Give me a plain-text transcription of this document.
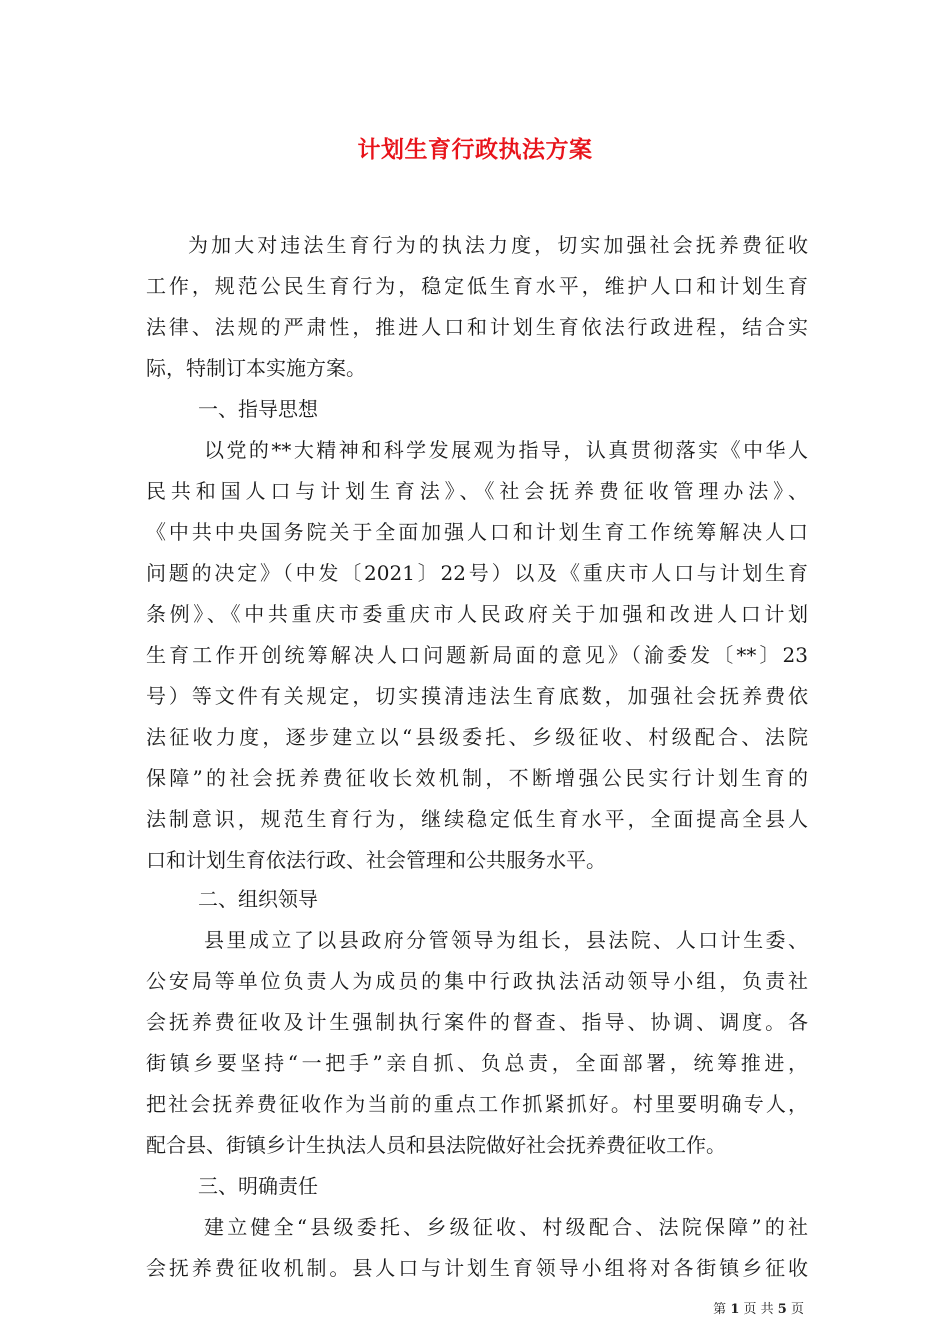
计划生育行政执法方案
为加大对违法生育行为的执法力度，切实加强社会抚养费征收
工作，规范公民生育行为，稳定低生育水平，维护人口和计划生育
法律、法规的严肃性，推进人口和计划生育依法行政进程，结合实
际，特制订本实施方案。
一、指导思想
以党的**大精神和科学发展观为指导，认真贯彻落实《中华人
民共和国人口与计划生育法》、《社会抚养费征收管理办法》、
《中共中央国务院关于全面加强人口和计划生育工作统筹解决人口
问题的决定》（中发〔2021〕22号）以及《重庆市人口与计划生育
条例》、《中共重庆市委重庆市人民政府关于加强和改进人口计划
生育工作开创统筹解决人口问题新局面的意见》（渝委发〔**〕23
号）等文件有关规定，切实摸清违法生育底数，加强社会抚养费依
法征收力度，逐步建立以“县级委托、乡级征收、村级配合、法院
保障”的社会抚养费征收长效机制，不断增强公民实行计划生育的
法制意识，规范生育行为，继续稳定低生育水平，全面提高全县人
口和计划生育依法行政、社会管理和公共服务水平。
二、组织领导
县里成立了以县政府分管领导为组长，县法院、人口计生委、
公安局等单位负责人为成员的集中行政执法活动领导小组，负责社
会抚养费征收及计生强制执行案件的督查、指导、协调、调度。各
街镇乡要坚持“一把手”亲自抓、负总责，全面部署，统筹推进，
把社会抚养费征收作为当前的重点工作抓紧抓好。村里要明确专人，
配合县、街镇乡计生执法人员和县法院做好社会抚养费征收工作。
三、明确责任
建立健全“县级委托、乡级征收、村级配合、法院保障”的社
会抚养费征收机制。县人口与计划生育领导小组将对各街镇乡征收
第 1 页 共 5 页
